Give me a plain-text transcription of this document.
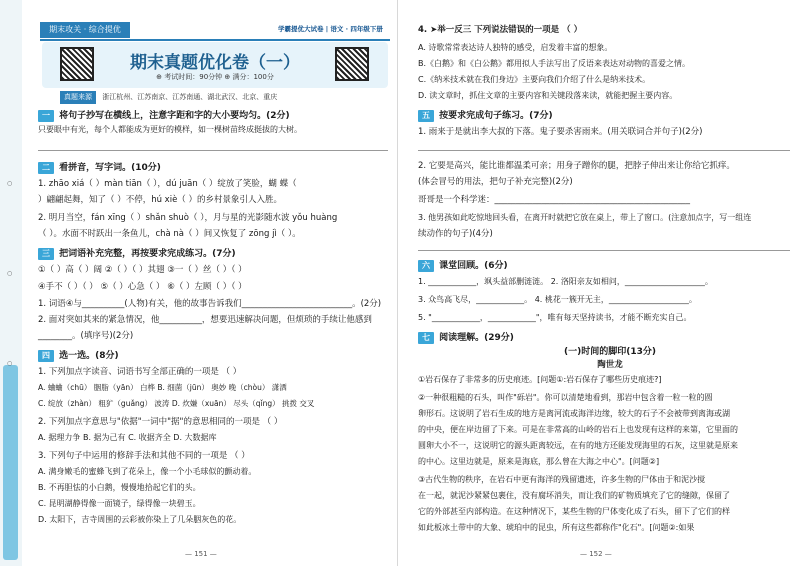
○
○
○
期末攻关 · 综合提优	学霸提优大试卷 | 语文 · 四年级下册
期末真题优化卷（一）
⊕ 考试时间：90分钟 ⊕ 满分：100分
真题来源 浙江杭州、江苏南京、江苏南通、湖北武汉、北京、重庆
一 将句子抄写在横线上，注意字距和字的大小要均匀。(2分)
只要眼中有光，每个人都能成为更好的模样，如一棵树苗终成挺拔的大树。
二 看拼音，写字词。(10分)
1. zhāo xiá（ ）màn tiān（ ），dú juān（ ）绽放了笑脸，蝴 蝶（
）翩翩起舞，知了（ ）不停，hú xiè（ ）的乡村景象引人入胜。
2. 明月当空，fán xīng（ ）shǎn shuò（ ），月与星的光影随水波 yǒu huàng
（ ）。水面不时跃出一条鱼儿，chà nà（ ）间又恢复了 zōng jì（ ）。
三 把词语补充完整，再按要求完成练习。(7分)
①（ ）高（ ）阔 ②（ ）（ ）其翅 ③一（ ）丝（ ）（ ）
④手不（ ）（ ） ⑤（ ）心急（ ） ⑥（ ）左顾（ ）（ ）
1. 词语④与__________(人物)有关，他的故事告诉我们__________________________。(2分)
2. 面对突如其来的紧急情况，他__________，想要迅速解决问题，但烦琐的手续让他感到
________。(填序号)(2分)
四 选一选。(8分)
1. 下列加点字读音、词语书写全部正确的一项是 （ ）
A. 蛐蛐（chū） 胭脂（yān） 白桦 B. 细菌（jūn） 奥妙 晚（chòu） 潇洒
C. 绽放（zhàn） 粗犷（guǎng） 波涛 D. 炊嫌（xuān） 尽头（qǐng） 挑拨 交叉
2. 下列加点字意思与"依据"一词中"据"的意思相同的一项是 （ ）
A. 据理力争 B. 据为己有 C. 收据齐全 D. 大数据库
3. 下列句子中运用的修辞手法和其他不同的一项是 （ ）
A. 满身嫩毛的蜜蜂飞到了花朵上，像一个小毛球似的颤动着。
B. 不再胆怯的小白鹅，慢慢地拾起它们的头。
C. 昆明湖静得像一面镜子，绿得像一块碧玉。
D. 太阳下，吉寺周围的云彩被你染上了几朵胭灰色的花。
— 151 —
4. ➤举一反三 下列说法错误的一项是 （ ）
A. 诗歌常常表达诗人独特的感受，启发着丰富的想象。
B.《白鹅》和《白公鹅》都用拟人手法写出了反语来表达对动物的喜爱之情。
C.《纳米技术就在我们身边》主要向我们介绍了什么是纳米技术。
D. 读文章时，抓住文章的主要内容和关键段落来读，就能把握主要内容。
五 按要求完成句子练习。(7分)
1. 雨来于是就出李大叔的下落。鬼子要杀害雨来。(用关联词合并句子)(2分)
2. 它要是高兴，能比谁都温柔可亲；用身子蹭你的腿，把脖子伸出来让你给它抓痒。
(体会冒号的用法，把句子补充完整)(2分)
哥哥是一个科学迷：______________________________________________
3. 他男孩如此吃惊地回头看，在离开时就把它放在桌上，带上了窗口。(注意加点字，写一组连
续动作的句子)(4分)
六 课堂回顾。(6分)
1. ____________，飒头益部删涟涟。 2. 洛阳亲友如相问，____________________。
3. 众鸟高飞尽，____________。 4. 桃花一簇开无主，____________________。
5. "____________，____________"，唯有每天坚持读书，才能不断充实自己。
七 阅读理解。(29分)
(一)时间的脚印(13分)
陶世龙
①岩石保存了非常多的历史痕迹。[问题①:岩石保存了哪些历史痕迹?]
②一种很粗糙的石头，叫作"砾岩"。你可以清楚地看到，那岩中包含着一粒一粒的圆
卵形石。这说明了岩石生成的地方是离河流或海洋边缘，较大的石子不会被带到离海或湖
的中央，便在岸边留了下来。可是在非常高的山岭的岩石上也发现有这样的来第，它里面的
圆卵大小不一，这说明它的源头距离较远，在有的地方还能发现海里的石灰，这里就是原来
的中心。这里边就是，原来是海底，那么曾在大海之中心"。[问题②]
③古代生物的秩序，在岩石中更有海洋的残留遗迹，许多生物的尸体由于和泥沙搅
在一起，就泥沙紧紧包裹住，没有腐坏消失，而让我们的矿物质填充了它的缝隙，保留了
它的外部甚至内部构造。在这种情况下，某些生物的尸体变化成了石头，留下了它们的样
如此板冰土带中的大象、琥珀中的昆虫，所有这些都称作"化石"。[问题②:如果
— 152 —
